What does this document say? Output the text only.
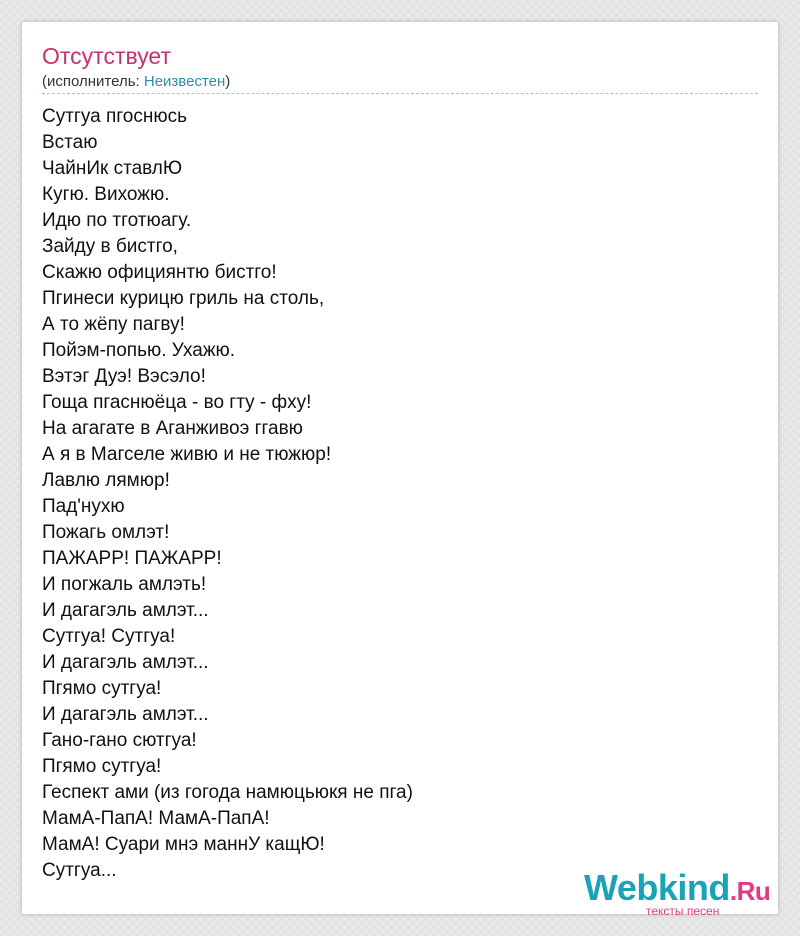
Отсутствует
(исполнитель: Неизвестен)
Сутгуа пгоснюсь
Встаю
ЧайнИк ставлЮ
Кугю. Вихожю.
Идю по тготюагу.
Зайду в бистго,
Скажю официянтю бистго!
Пгинеси курицю гриль на столь,
А то жёпу пагву!
Пойэм-попью. Ухажю.
Вэтэг Дуэ! Вэсэло!
Гоща пгаснюёца - во гту - фху!
На агагате в Аганживоэ ггавю
А я в Магселе живю и не тюжюр!
Лавлю лямюр!
Пад'нухю
Пожагь омлэт!
ПАЖАРР! ПАЖАРР!
И погжаль амлэть!
И дагагэль амлэт...
Сутгуа! Сутгуа!
И дагагэль амлэт...
Пгямо сутгуа!
И дагагэль амлэт...
Гано-гано сютгуа!
Пгямо сутгуа!
Геспект ами (из гогода намюцьюкя не пга)
МамА-ПапА! МамА-ПапА!
МамА! Суари мнэ маннУ кащЮ!
Сутгуа...	Webkind.Ru
тексты песен
